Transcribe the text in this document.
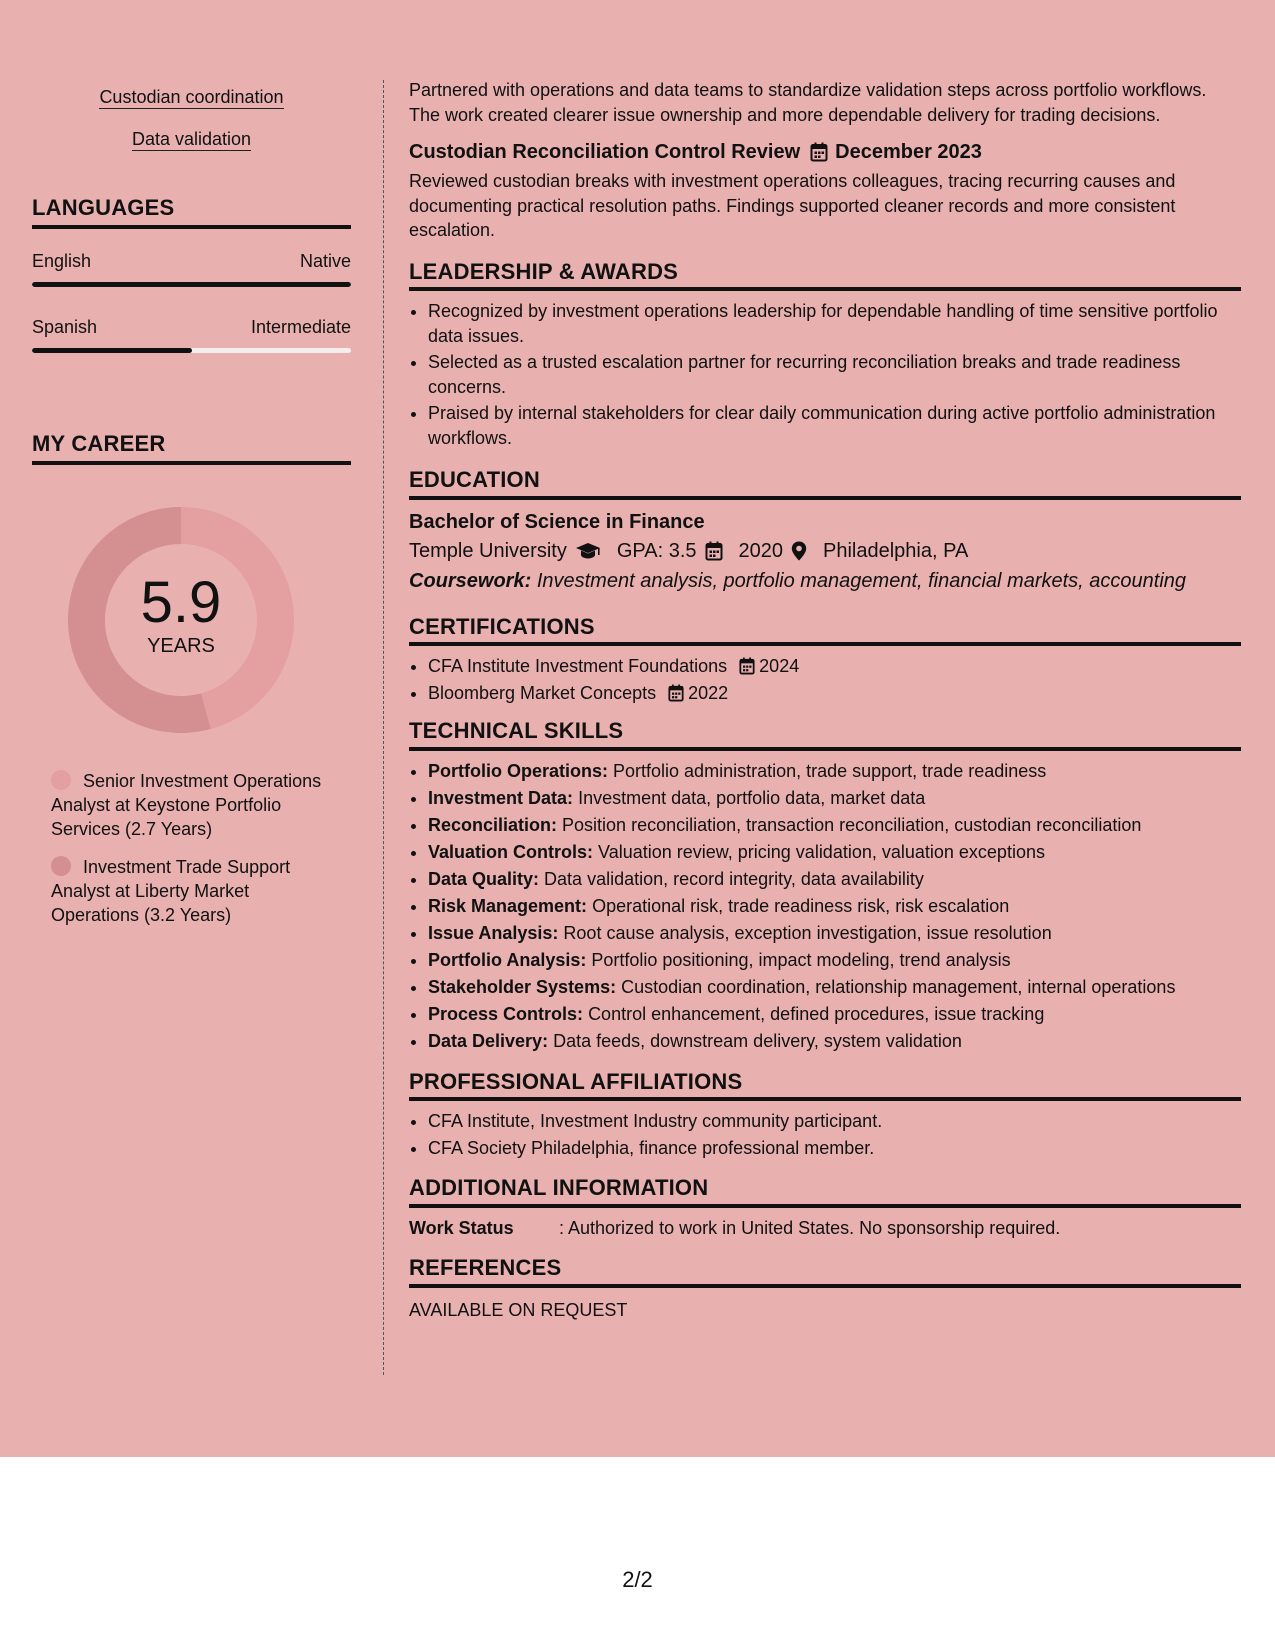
Custodian coordination
Data validation
LANGUAGES
English	Native
Spanish	Intermediate
MY CAREER
5.9
YEARS
Senior Investment Operations Analyst at Keystone Portfolio Services (2.7 Years)
Investment Trade Support Analyst at Liberty Market Operations (3.2 Years)

Partnered with operations and data teams to standardize validation steps across portfolio workflows. The work created clearer issue ownership and more dependable delivery for trading decisions.

Custodian Reconciliation Control Review December 2023

Reviewed custodian breaks with investment operations colleagues, tracing recurring causes and documenting practical resolution paths. Findings supported cleaner records and more consistent escalation.

LEADERSHIP & AWARDS
• Recognized by investment operations leadership for dependable handling of time sensitive portfolio data issues.
• Selected as a trusted escalation partner for recurring reconciliation breaks and trade readiness concerns.
• Praised by internal stakeholders for clear daily communication during active portfolio administration workflows.
EDUCATION
Bachelor of Science in Finance
Temple University	GPA: 3.5 2020 Philadelphia, PA
Coursework: Investment analysis, portfolio management, financial markets, accounting
CERTIFICATIONS
• CFA Institute Investment Foundations 2024
• Bloomberg Market Concepts 2022
TECHNICAL SKILLS
• Portfolio Operations: Portfolio administration, trade support, trade readiness
• Investment Data: Investment data, portfolio data, market data
• Reconciliation: Position reconciliation, transaction reconciliation, custodian reconciliation
• Valuation Controls: Valuation review, pricing validation, valuation exceptions
• Data Quality: Data validation, record integrity, data availability
• Risk Management: Operational risk, trade readiness risk, risk escalation
• Issue Analysis: Root cause analysis, exception investigation, issue resolution
• Portfolio Analysis: Portfolio positioning, impact modeling, trend analysis
• Stakeholder Systems: Custodian coordination, relationship management, internal operations
• Process Controls: Control enhancement, defined procedures, issue tracking
• Data Delivery: Data feeds, downstream delivery, system validation
PROFESSIONAL AFFILIATIONS
• CFA Institute, Investment Industry community participant.
• CFA Society Philadelphia, finance professional member.
ADDITIONAL INFORMATION
Work Status	: Authorized to work in United States. No sponsorship required.
REFERENCES
AVAILABLE ON REQUEST
2/2
